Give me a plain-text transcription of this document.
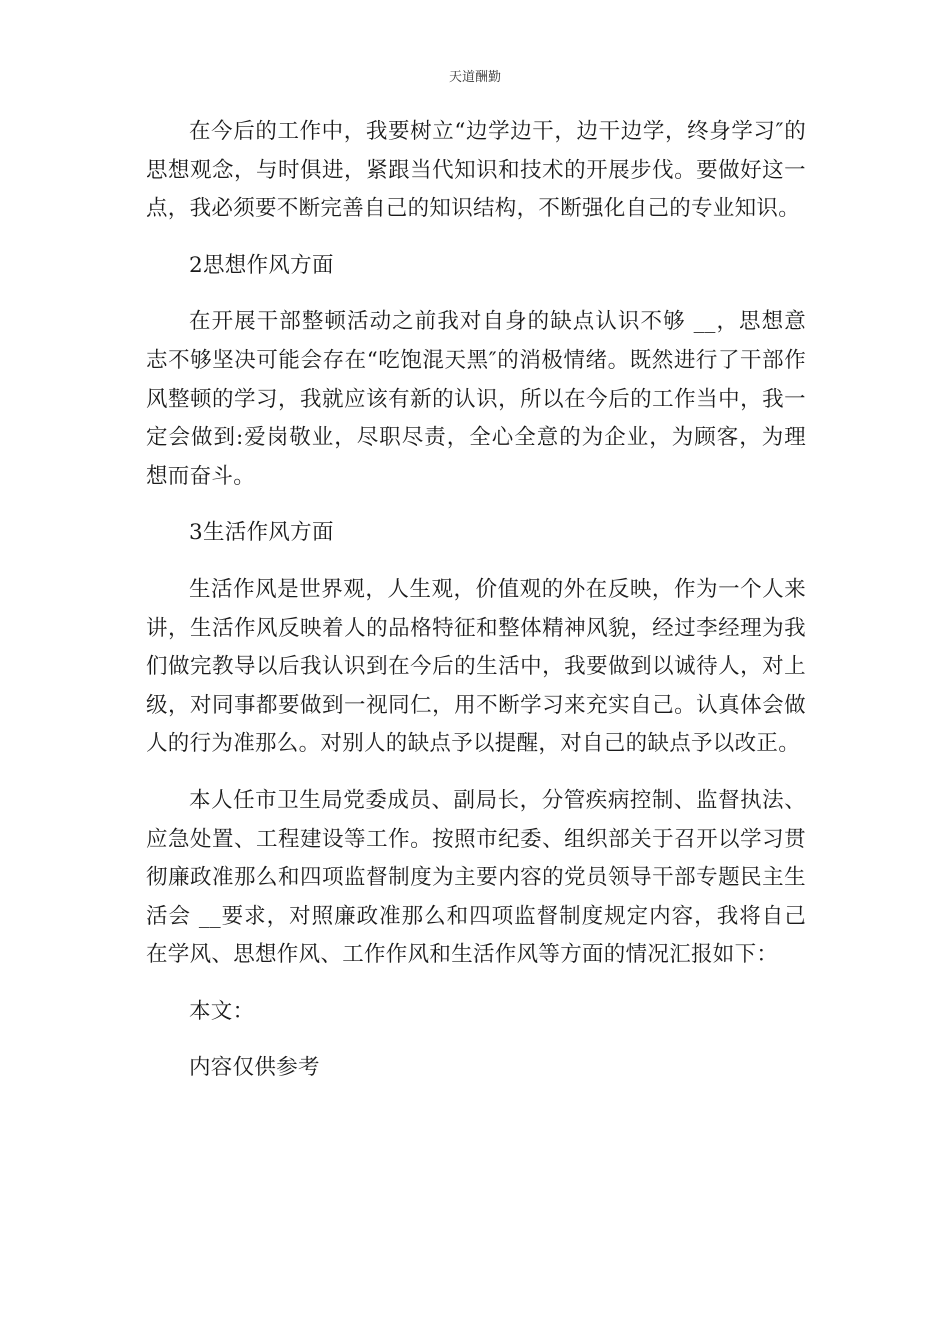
天道酬勤

在今后的工作中，我要树立“边学边干，边干边学，终身学习″的思想观念，与时俱进，紧跟当代知识和技术的开展步伐。要做好这一点，我必须要不断完善自己的知识结构，不断强化自己的专业知识。

2思想作风方面

在开展干部整顿活动之前我对自身的缺点认识不够 __，思想意志不够坚决可能会存在“吃饱混天黑″的消极情绪。既然进行了干部作风整顿的学习，我就应该有新的认识，所以在今后的工作当中，我一定会做到:爱岗敬业，尽职尽责，全心全意的为企业，为顾客，为理想而奋斗。

3生活作风方面

生活作风是世界观，人生观，价值观的外在反映，作为一个人来讲，生活作风反映着人的品格特征和整体精神风貌，经过李经理为我们做完教导以后我认识到在今后的生活中，我要做到以诚待人，对上级，对同事都要做到一视同仁，用不断学习来充实自己。认真体会做人的行为准那么。对别人的缺点予以提醒，对自己的缺点予以改正。

本人任市卫生局党委成员、副局长，分管疾病控制、监督执法、应急处置、工程建设等工作。按照市纪委、组织部关于召开以学习贯彻廉政准那么和四项监督制度为主要内容的党员领导干部专题民主生活会 __要求，对照廉政准那么和四项监督制度规定内容，我将自己在学风、思想作风、工作作风和生活作风等方面的情况汇报如下：

本文：

内容仅供参考
